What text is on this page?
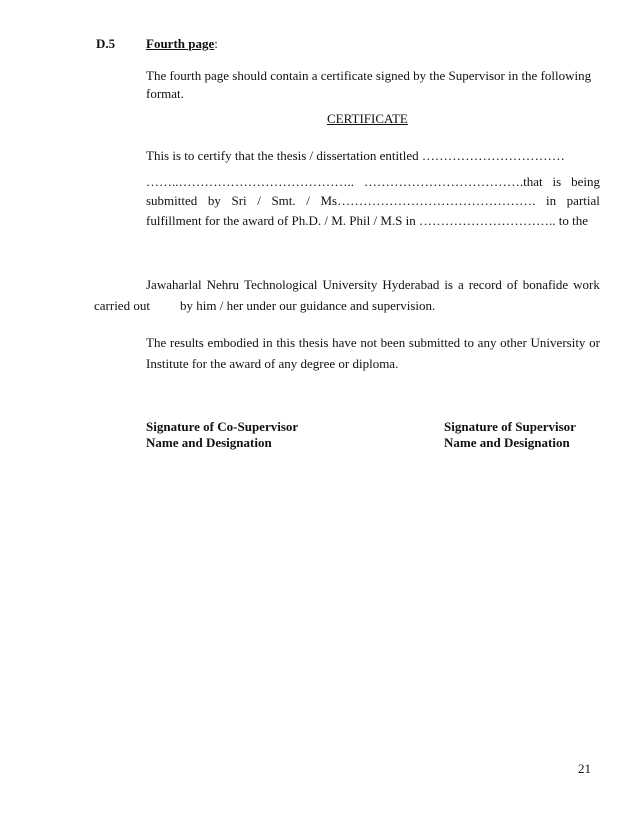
D.5 Fourth page:
The fourth page should contain a certificate signed by the Supervisor in the following
format.
CERTIFICATE
This is to certify that the thesis / dissertation entitled ……………………………
……..………………………………….. ……………………………….that is being
submitted by Sri / Smt. / Ms………………………………………. in partial
fulfillment for the award of Ph.D. / M. Phil / M.S in ………………………….. to the
Jawaharlal Nehru Technological University Hyderabad is a record of bonafide work
carried out by him / her under our guidance and supervision.
The results embodied in this thesis have not been submitted to any other University or
Institute for the award of any degree or diploma.
Signature of Co-Supervisor
Name and Designation
Signature of Supervisor
Name and Designation
21
